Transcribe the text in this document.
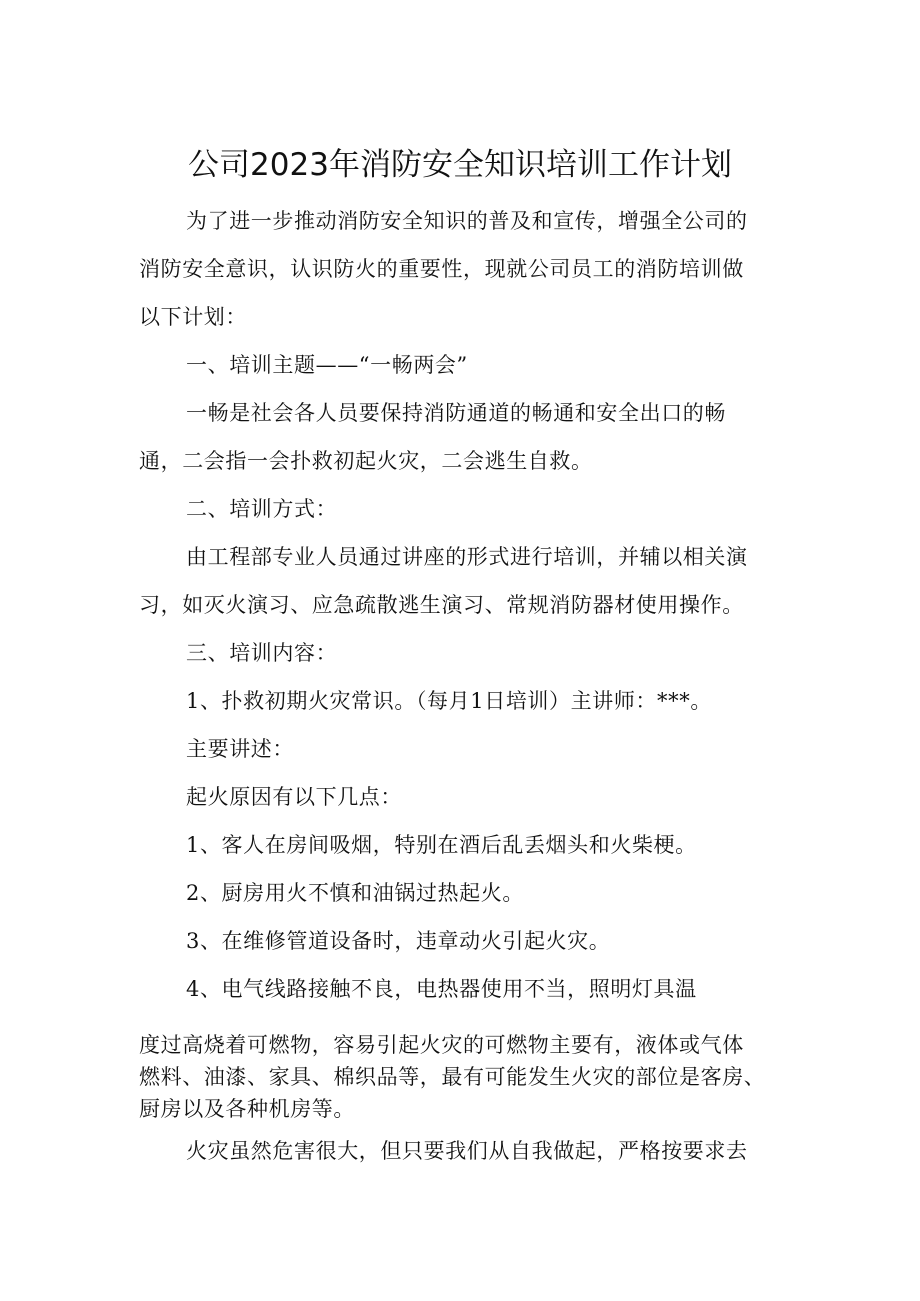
公司2023年消防安全知识培训工作计划

为了进一步推动消防安全知识的普及和宣传，增强全公司的

消防安全意识，认识防火的重要性，现就公司员工的消防培训做

以下计划：

一、培训主题——“一畅两会”

一畅是社会各人员要保持消防通道的畅通和安全出口的畅

通，二会指一会扑救初起火灾，二会逃生自救。

二、培训方式：

由工程部专业人员通过讲座的形式进行培训，并辅以相关演

习，如灭火演习、应急疏散逃生演习、常规消防器材使用操作。

三、培训内容：

1、扑救初期火灾常识。（每月1日培训）主讲师：***。

主要讲述：

起火原因有以下几点：

1、客人在房间吸烟，特别在酒后乱丢烟头和火柴梗。

2、厨房用火不慎和油锅过热起火。

3、在维修管道设备时，违章动火引起火灾。

4、电气线路接触不良，电热器使用不当，照明灯具温

度过高烧着可燃物，容易引起火灾的可燃物主要有，液体或气体

燃料、油漆、家具、棉织品等，最有可能发生火灾的部位是客房、

厨房以及各种机房等。

火灾虽然危害很大，但只要我们从自我做起，严格按要求去
